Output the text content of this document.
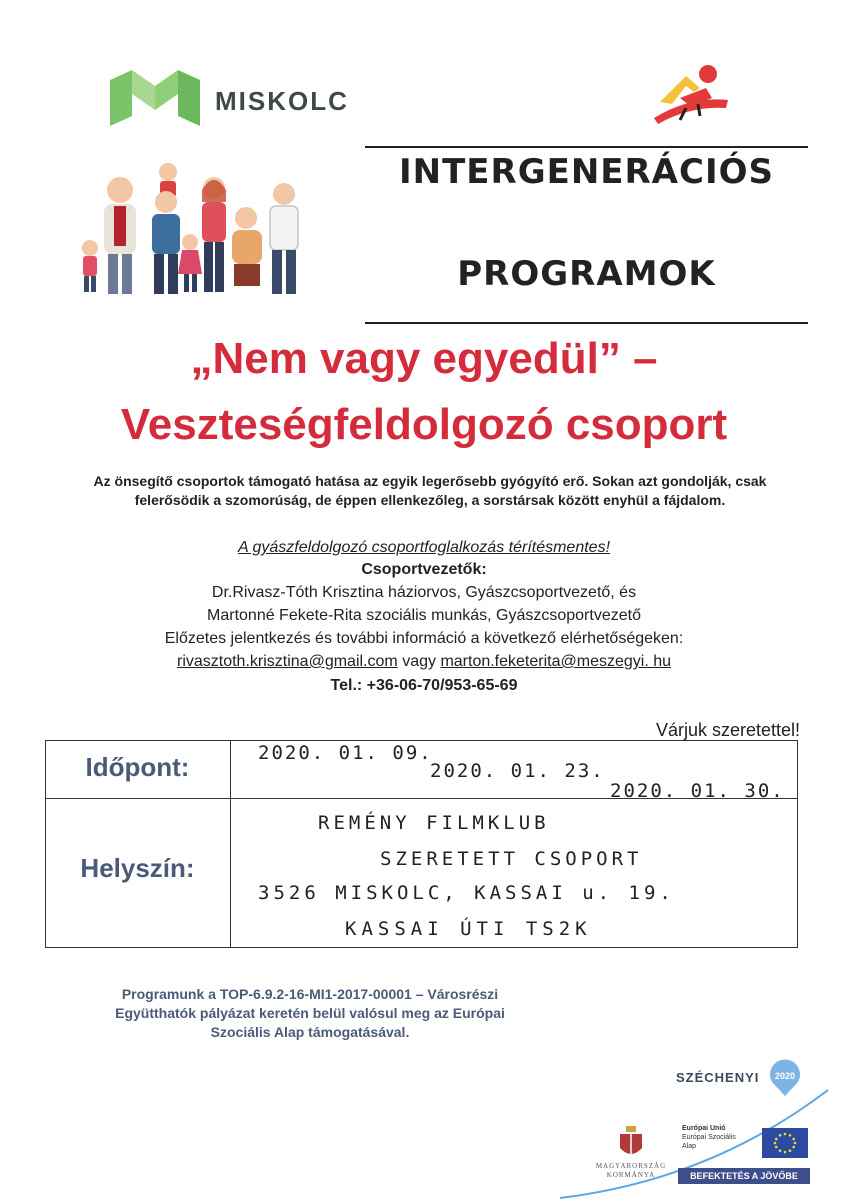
MISKOLC
INTERGENERÁCIÓS
PROGRAMOK
„Nem vagy egyedül” –
Veszteségfeldolgozó csoport
Az önsegítő csoportok támogató hatása az egyik legerősebb gyógyító erő. Sokan azt gondolják, csak felerősödik a szomorúság, de éppen ellenkezőleg, a sorstársak között enyhül a fájdalom.
A gyászfeldolgozó csoportfoglalkozás térítésmentes!
Csoportvezetők:
Dr.Rivasz-Tóth Krisztina háziorvos, Gyászcsoportvezető, és
Martonné Fekete-Rita szociális munkás, Gyászcsoportvezető
Előzetes jelentkezés és további információ a következő elérhetőségeken:
rivasztoth.krisztina@gmail.com vagy marton.feketerita@meszegyi. hu
Tel.: +36-06-70/953-65-69
Várjuk szeretettel!
Időpont:
Helyszín:
2020. 01. 09.
2020. 01. 23.
2020. 01. 30.
REMÉNY FILMKLUB
SZERETETT CSOPORT
3526 MISKOLC, KASSAI u. 19.
KASSAI ÚTI TS2K
Programunk a TOP-6.9.2-16-MI1-2017-00001 – Városrészi
Együtthatók pályázat keretén belül valósul meg az Európai
Szociális Alap támogatásával.
SZÉCHENYI 2020
MAGYARORSZÁG
KORMÁNYA
Európai Unió
Európai Szociális
Alap
BEFEKTETÉS A JÖVŐBE
